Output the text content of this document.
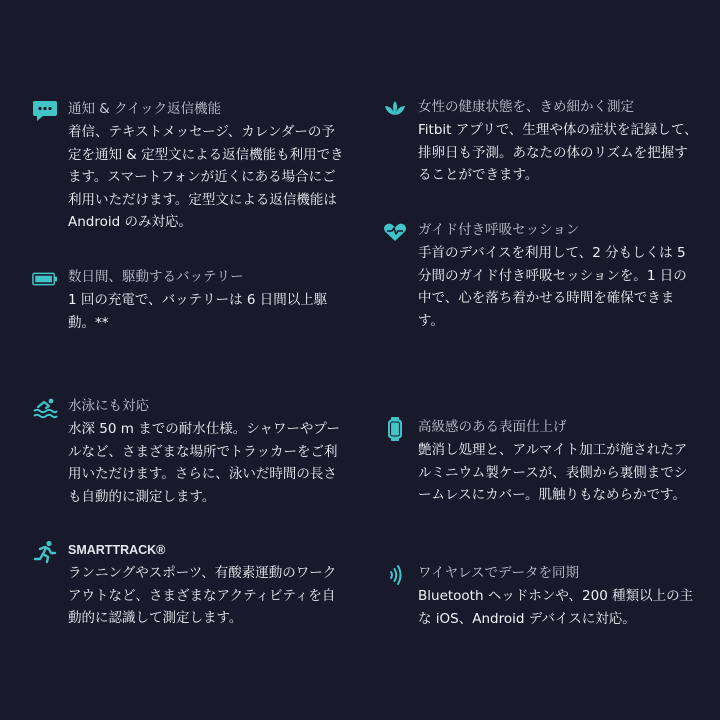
通知 & クイック返信機能
着信、テキストメッセージ、カレンダーの予定を通知 & 定型文による返信機能も利用できます。スマートフォンが近くにある場合にご利用いただけます。定型文による返信機能は Android のみ対応。
数日間、駆動するバッテリー
1 回の充電で、バッテリーは 6 日間以上駆動。**
水泳にも対応
水深 50 m までの耐水仕様。シャワーやプールなど、さまざまな場所でトラッカーをご利用いただけます。さらに、泳いだ時間の長さも自動的に測定します。
SMARTTRACK®
ランニングやスポーツ、有酸素運動のワークアウトなど、さまざまなアクティビティを自動的に認識して測定します。
女性の健康状態を、きめ細かく測定
Fitbit アプリで、生理や体の症状を記録して、排卵日も予測。あなたの体のリズムを把握することができます。
ガイド付き呼吸セッション
手首のデバイスを利用して、2 分もしくは 5 分間のガイド付き呼吸セッションを。1 日の中で、心を落ち着かせる時間を確保できます。
高級感のある表面仕上げ
艶消し処理と、アルマイト加工が施されたアルミニウム製ケースが、表側から裏側までシームレスにカバー。肌触りもなめらかです。
ワイヤレスでデータを同期
Bluetooth ヘッドホンや、200 種類以上の主な iOS、Android デバイスに対応。
